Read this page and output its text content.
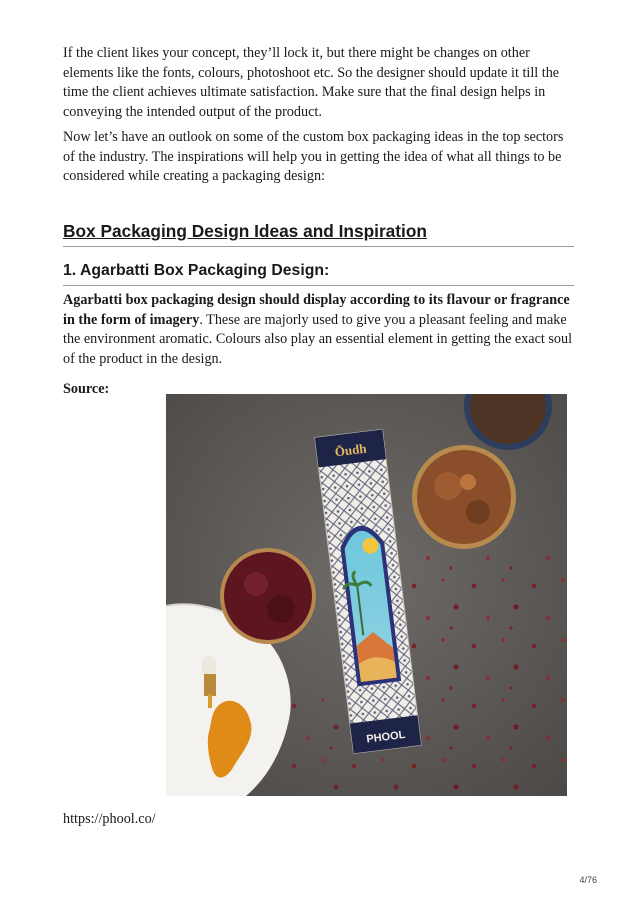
If the client likes your concept, they’ll lock it, but there might be changes on other elements like the fonts, colours, photoshoot etc. So the designer should update it till the time the client achieves ultimate satisfaction. Make sure that the final design helps in conveying the intended output of the product.

Now let’s have an outlook on some of the custom box packaging ideas in the top sectors of the industry. The inspirations will help you in getting the idea of what all things to be considered while creating a packaging design:

Box Packaging Design Ideas and Inspiration
1. Agarbatti Box Packaging Design:

Agarbatti box packaging design should display according to its flavour or fragrance in the form of imagery. These are majorly used to give you a pleasant feeling and make the environment aromatic. Colours also play an essential element in getting the exact soul of the product in the design.

Source:

Ōudh
PHOOL

https://phool.co/

4/76
